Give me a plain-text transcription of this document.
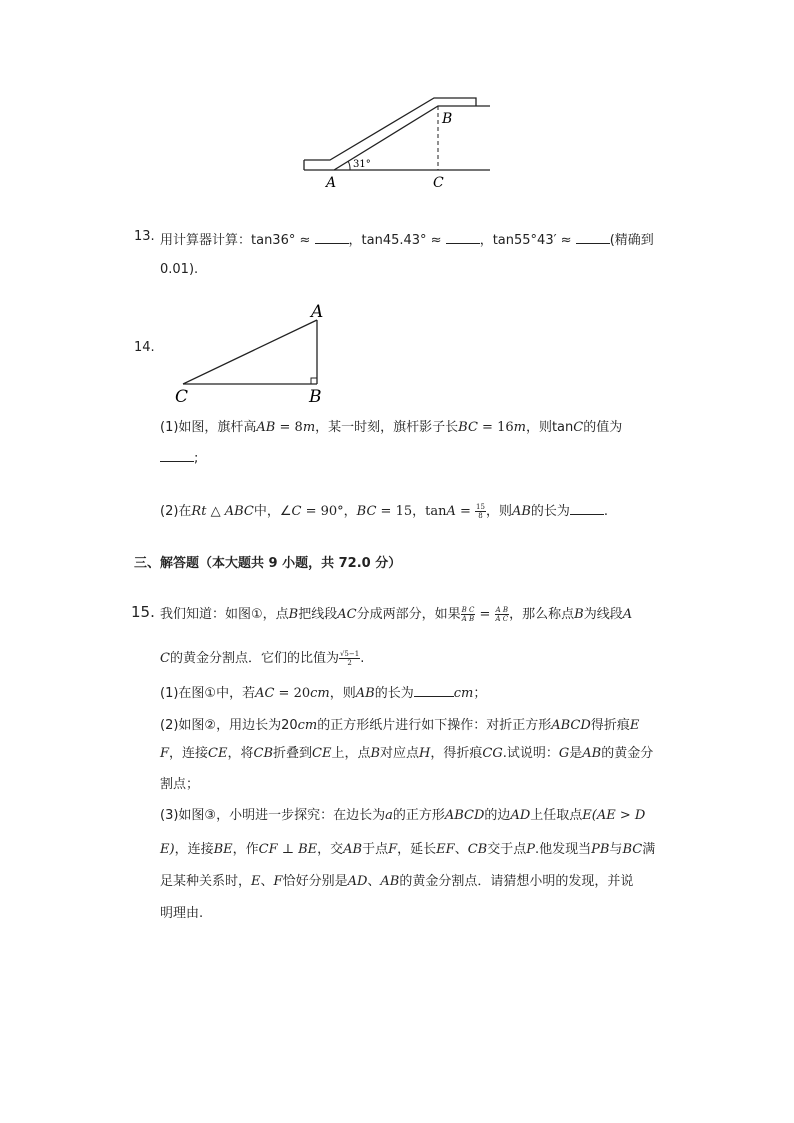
31°
A
B
C
13. 用计算器计算：tan36° ≈	，tan45.43° ≈	，tan55°43′ ≈	(精确到
0.01).
14.
A
B
C
(1)如图，旗杆高AB = 8m，某一时刻，旗杆影子长BC = 16m，则tanC的值为
;
(2)在Rt △ ABC中，∠C = 90°，BC = 15，$\tan A = \frac{15}{8}$ ，则AB的长为	.
三、解答题（本大题共 9 小题，共 72.0 分）
15. 我们知道：如图①，点B把线段AC分成两部分，如果 $\frac{\text{B C}}{\text{A B}} = \frac{\text{A B}}{\text{A C}}$ ，那么称点B为线段A
C的黄金分割点．它们的比值为 $\frac{√5-1}{2}$ .
(1)在图①中，若AC = 20cm，则AB的长为	cm；
(2)如图②，用边长为20cm的正方形纸片进行如下操作：对折正方形ABCD得折痕E
F，连接CE，将CB折叠到CE上，点B对应点H，得折痕CG.试说明：G是AB的黄金分
割点；
(3)如图③，小明进一步探究：在边长为a的正方形ABCD的边AD上任取点E(AE > D
E)，连接BE，作CF ⊥ BE，交AB于点F，延长EF、CB交于点P.他发现当PB与BC满
足某种关系时，E、F恰好分别是AD、AB的黄金分割点．请猜想小明的发现，并说
明理由.
